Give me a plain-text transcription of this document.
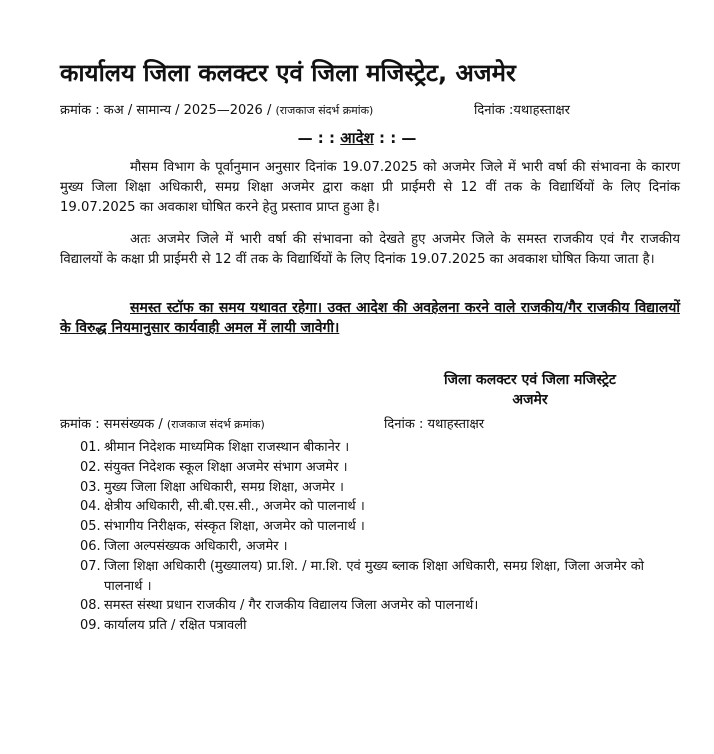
कार्यालय जिला कलक्टर एवं जिला मजिस्ट्रेट, अजमेर
क्रमांक : कअ / सामान्य / 2025—2026 / (राजकाज संदर्भ क्रमांक)	दिनांक :यथाहस्ताक्षर
— : : आदेश : : —
मौसम विभाग के पूर्वानुमान अनुसार दिनांक 19.07.2025 को अजमेर जिले में भारी वर्षा की संभावना के कारण मुख्य जिला शिक्षा अधिकारी, समग्र शिक्षा अजमेर द्वारा कक्षा प्री प्राईमरी से 12 वीं तक के विद्यार्थियों के लिए दिनांक 19.07.2025 का अवकाश घोषित करने हेतु प्रस्ताव प्राप्त हुआ है।
अतः अजमेर जिले में भारी वर्षा की संभावना को देखते हुए अजमेर जिले के समस्त राजकीय एवं गैर राजकीय विद्यालयों के कक्षा प्री प्राईमरी से 12 वीं तक के विद्यार्थियों के लिए दिनांक 19.07.2025 का अवकाश घोषित किया जाता है।
समस्त स्टॉफ का समय यथावत रहेगा। उक्त आदेश की अवहेलना करने वाले राजकीय/गैर राजकीय विद्यालयों के विरुद्ध नियमानुसार कार्यवाही अमल में लायी जावेगी।
जिला कलक्टर एवं जिला मजिस्ट्रेट
अजमेर
क्रमांक : समसंख्यक / (राजकाज संदर्भ क्रमांक)	दिनांक : यथाहस्ताक्षर
01. श्रीमान निदेशक माध्यमिक शिक्षा राजस्थान बीकानेर ।
02. संयुक्त निदेशक स्कूल शिक्षा अजमेर संभाग अजमेर ।
03. मुख्य जिला शिक्षा अधिकारी, समग्र शिक्षा, अजमेर ।
04. क्षेत्रीय अधिकारी, सी.बी.एस.सी., अजमेर को पालनार्थ ।
05. संभागीय निरीक्षक, संस्कृत शिक्षा, अजमेर को पालनार्थ ।
06. जिला अल्पसंख्यक अधिकारी, अजमेर ।
07. जिला शिक्षा अधिकारी (मुख्यालय) प्रा.शि. / मा.शि. एवं मुख्य ब्लाक शिक्षा अधिकारी, समग्र शिक्षा, जिला अजमेर को पालनार्थ ।
08. समस्त संस्था प्रधान राजकीय / गैर राजकीय विद्यालय जिला अजमेर को पालनार्थ।
09. कार्यालय प्रति / रक्षित पत्रावली
